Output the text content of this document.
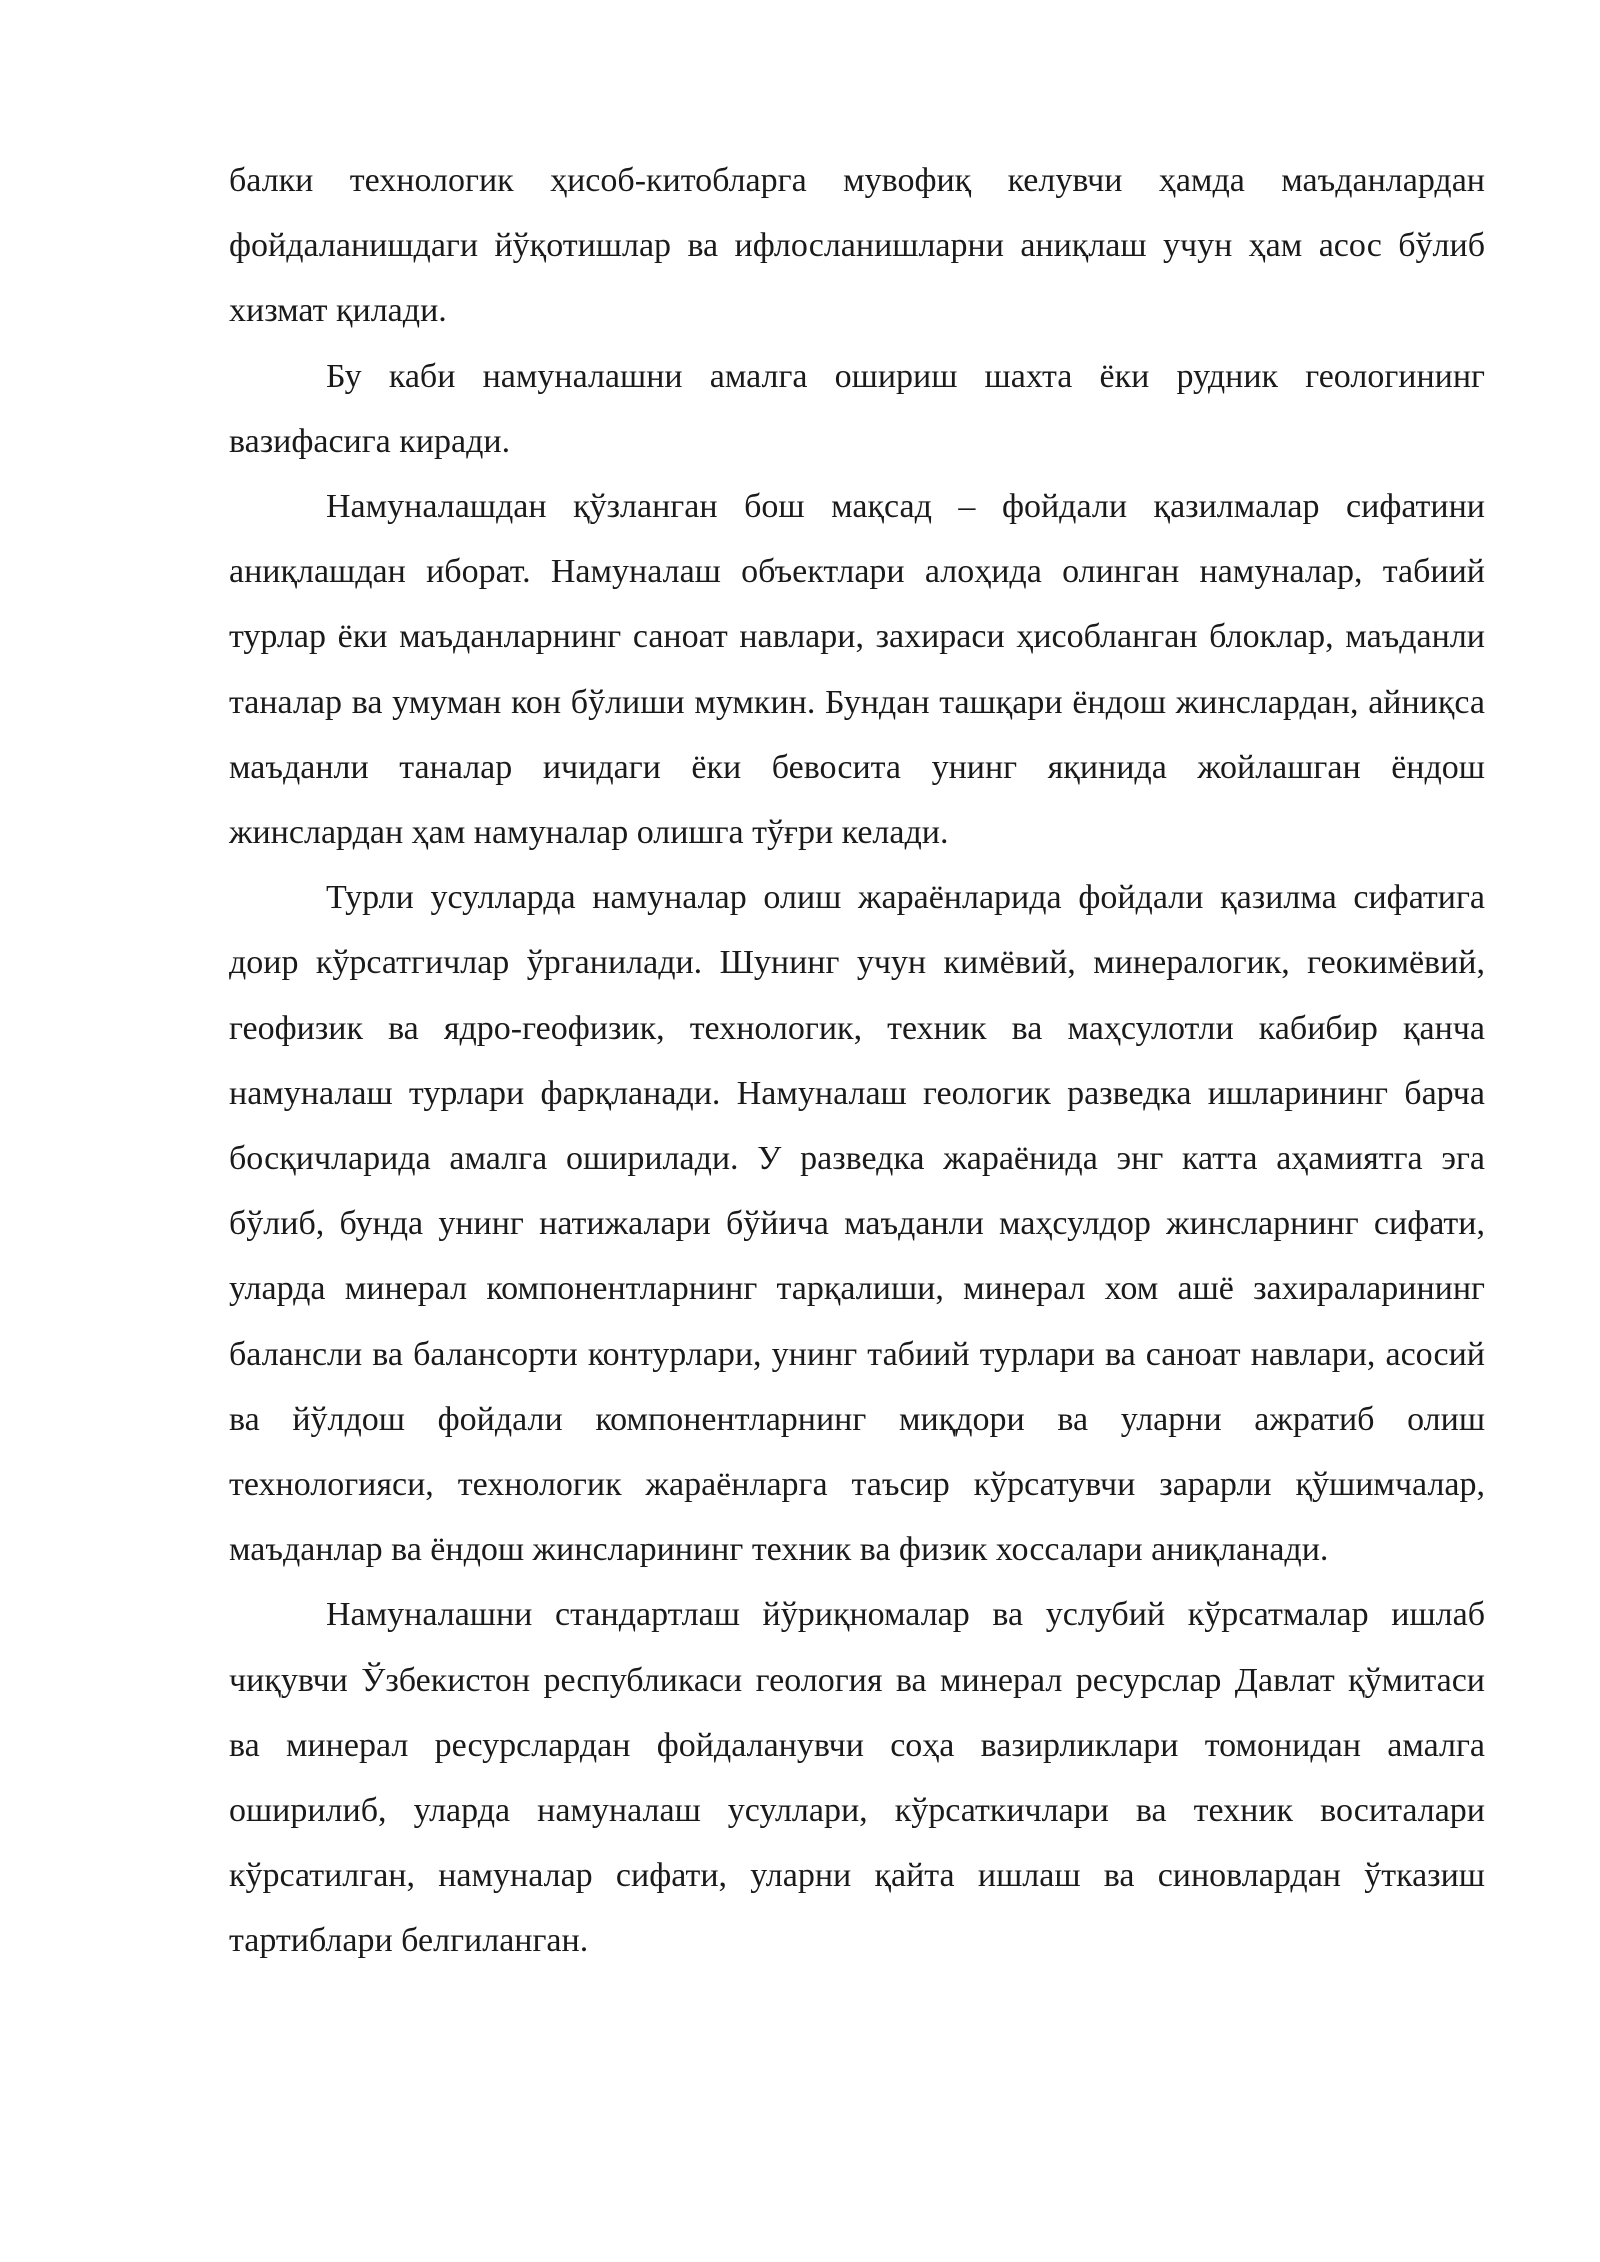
балки технологик ҳисоб-китобларга мувофиқ келувчи ҳамда маъданлардан фойдаланишдаги йўқотишлар ва ифлосланишларни аниқлаш учун ҳам асос бўлиб хизмат қилади.

Бу каби намуналашни амалга ошириш шахта ёки рудник геологининг вазифасига киради.

Намуналашдан қўзланган бош мақсад – фойдали қазилмалар сифатини аниқлашдан иборат. Намуналаш объектлари алоҳида олинган намуналар, табиий турлар ёки маъданларнинг саноат навлари, захираси ҳисобланган блоклар, маъданли таналар ва умуман кон бўлиши мумкин. Бундан ташқари ёндош жинслардан, айниқса маъданли таналар ичидаги ёки бевосита унинг яқинида жойлашган ёндош жинслардан ҳам намуналар олишга тўғри келади.

Турли усулларда намуналар олиш жараёнларида фойдали қазилма сифатига доир кўрсатгичлар ўрганилади. Шунинг учун кимёвий, минералогик, геокимёвий, геофизик ва ядро-геофизик, технологик, техник ва маҳсулотли кабибир қанча намуналаш турлари фарқланади. Намуналаш геологик разведка ишларининг барча босқичларида амалга оширилади. У разведка жараёнида энг катта аҳамиятга эга бўлиб, бунда унинг натижалари бўйича маъданли маҳсулдор жинсларнинг сифати, уларда минерал компонентларнинг тарқалиши, минерал хом ашё захираларининг балансли ва балансорти контурлари, унинг табиий турлари ва саноат навлари, асосий ва йўлдош фойдали компонентларнинг миқдори ва уларни ажратиб олиш технологияси, технологик жараёнларга таъсир кўрсатувчи зарарли қўшимчалар, маъданлар ва ёндош жинсларининг техник ва физик хоссалари аниқланади.

Намуналашни стандартлаш йўриқномалар ва услубий кўрсатмалар ишлаб чиқувчи Ўзбекистон республикаси геология ва минерал ресурслар Давлат қўмитаси ва минерал ресурслардан фойдаланувчи соҳа вазирликлари томонидан амалга оширилиб, уларда намуналаш усуллари, кўрсаткичлари ва техник воситалари кўрсатилган, намуналар сифати, уларни қайта ишлаш ва синовлардан ўтказиш тартиблари белгиланган.
